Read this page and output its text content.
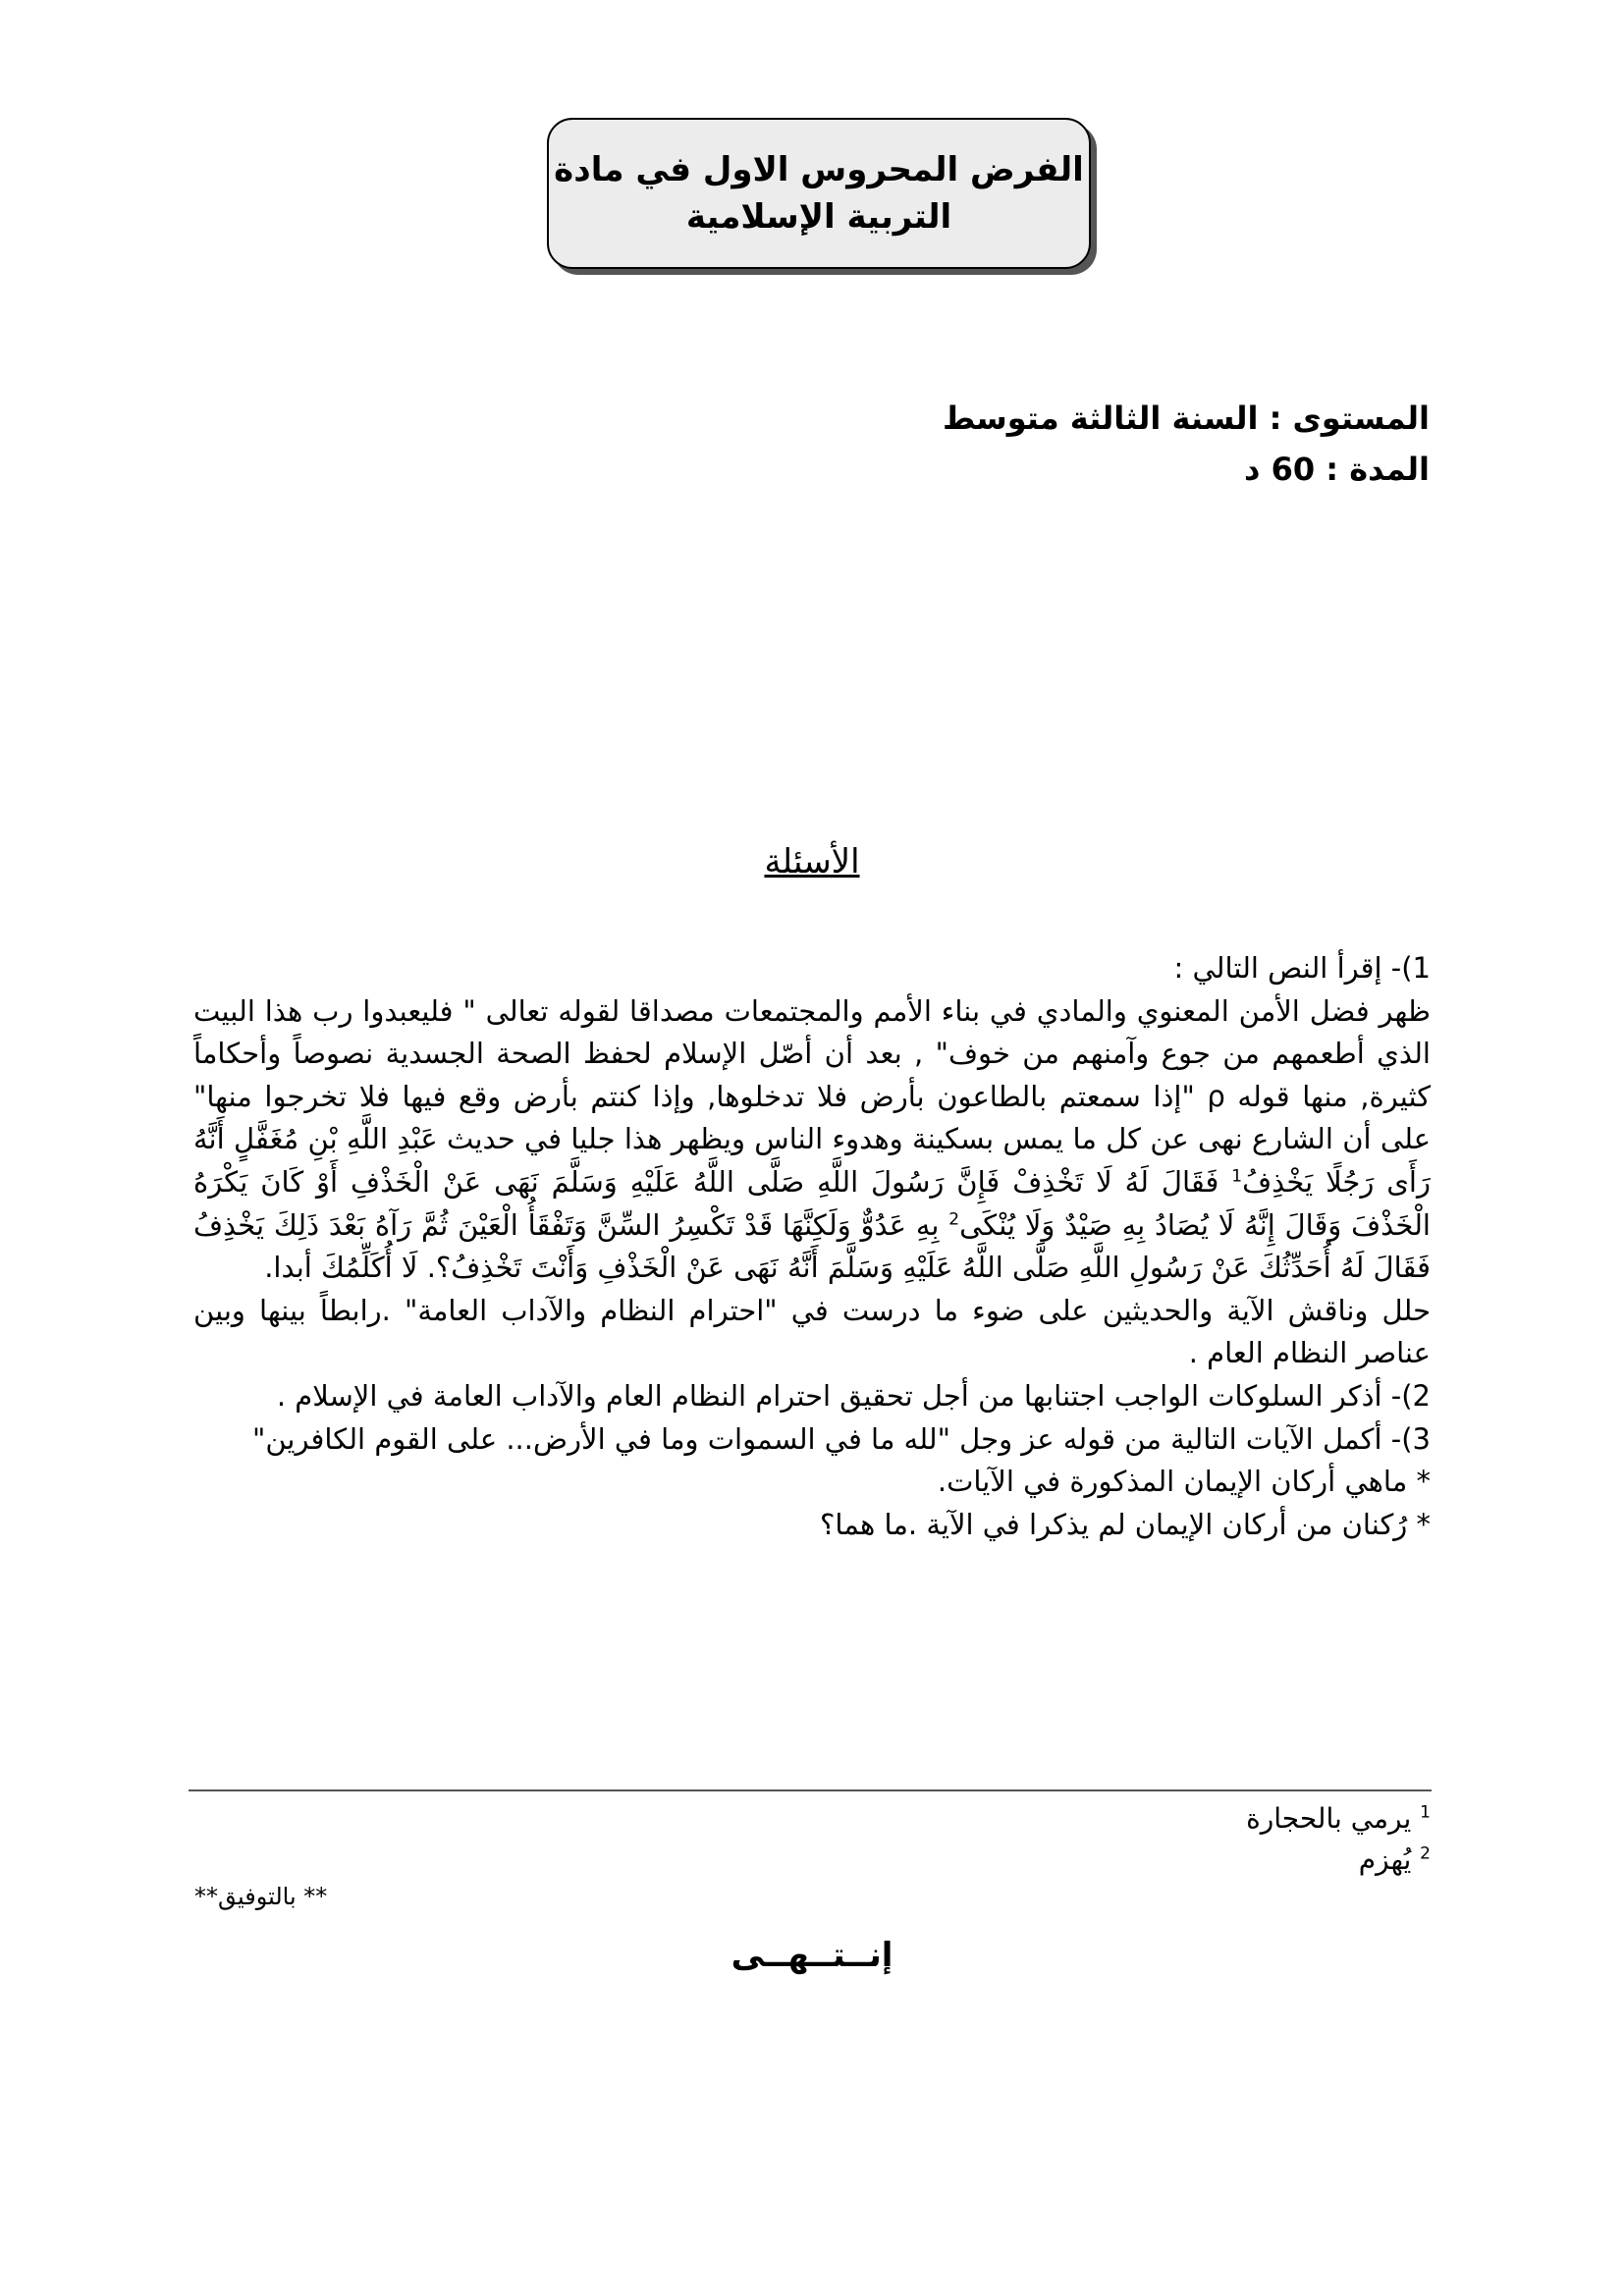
الفرض المحروس الاول في مادة
التربية الإسلامية
المستوى : السنة الثالثة متوسط
المدة : 60 د
الأسئلة

1)- إقرأ النص التالي :

ظهر فضل الأمن المعنوي والمادي في بناء الأمم والمجتمعات مصداقا لقوله تعالى " فليعبدوا رب هذا البيت الذي أطعمهم من جوع وآمنهم من خوف" , بعد أن أصّل الإسلام لحفظ الصحة الجسدية نصوصاً وأحكاماً كثيرة, منها قوله ρ "إذا سمعتم بالطاعون بأرض فلا تدخلوها, وإذا كنتم بأرض وقع فيها فلا تخرجوا منها" على أن الشارع نهى عن كل ما يمس بسكينة وهدوء الناس ويظهر هذا جليا في حديث عَبْدِ اللَّهِ بْنِ مُغَفَّلٍ أَنَّهُ رَأَى رَجُلًا يَخْذِفُ$^1$ فَقَالَ لَهُ لَا تَخْذِفْ فَإِنَّ رَسُولَ اللَّهِ صَلَّى اللَّهُ عَلَيْهِ وَسَلَّمَ نَهَى عَنْ الْخَذْفِ أَوْ كَانَ يَكْرَهُ الْخَذْفَ وَقَالَ إِنَّهُ لَا يُصَادُ بِهِ صَيْدٌ وَلَا يُنْكَى$^2$ بِهِ عَدُوٌّ وَلَكِنَّهَا قَدْ تَكْسِرُ السِّنَّ وَتَفْقَأُ الْعَيْنَ ثُمَّ رَآهُ بَعْدَ ذَلِكَ يَخْذِفُ فَقَالَ لَهُ أُحَدِّثُكَ عَنْ رَسُولِ اللَّهِ صَلَّى اللَّهُ عَلَيْهِ وَسَلَّمَ أَنَّهُ نَهَى عَنْ الْخَذْفِ وَأَنْتَ تَخْذِفُ؟. لَا أُكَلِّمُكَ أبدا.

حلل وناقش الآية والحديثين على ضوء ما درست في "احترام النظام والآداب العامة" .رابطاً بينها وبين عناصر النظام العام .

2)- أذكر السلوكات الواجب اجتنابها من أجل تحقيق احترام النظام العام والآداب العامة في الإسلام .

3)- أكمل الآيات التالية من قوله عز وجل "لله ما في السموات وما في الأرض... على القوم الكافرين"

* ماهي أركان الإيمان المذكورة في الآيات.

* رُكنان من أركان الإيمان لم يذكرا في الآية .ما هما؟

$^1$ يرمي بالحجارة
$^2$ يُهزم
** بالتوفيق**
إنــتــهــى
